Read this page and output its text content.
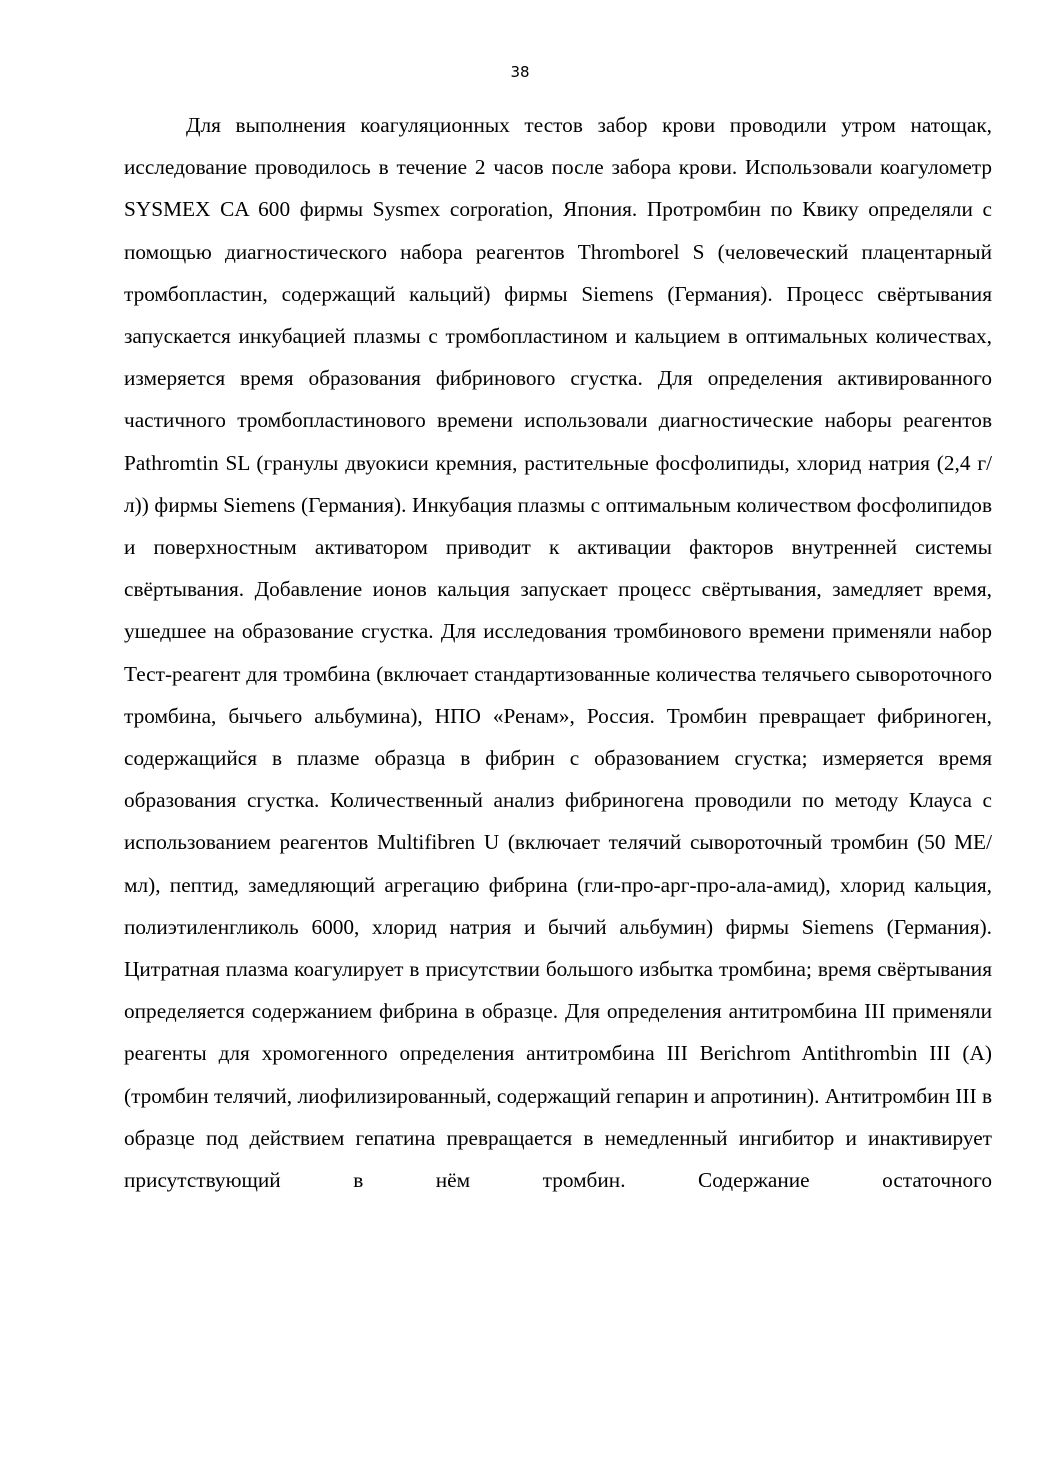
38

Для выполнения коагуляционных тестов забор крови проводили утром натощак, исследование проводилось в течение 2 часов после забора крови. Использовали коагулометр SYSMEX CA 600 фирмы Sysmex corporation, Япония. Протромбин по Квику определяли с помощью диагностического набора реагентов Thromborel S (человеческий плацентарный тромбопластин, содержащий кальций) фирмы Siemens (Германия). Процесс свёртывания запускается инкубацией плазмы с тромбопластином и кальцием в оптимальных количествах, измеряется время образования фибринового сгустка. Для определения активированного частичного тромбопластинового времени использовали диагностические наборы реагентов Pathromtin SL (гранулы двуокиси кремния, растительные фосфолипиды, хлорид натрия (2,4 г/л)) фирмы Siemens (Германия). Инкубация плазмы с оптимальным количеством фосфолипидов и поверхностным активатором приводит к активации факторов внутренней системы свёртывания. Добавление ионов кальция запускает процесс свёртывания, замедляет время, ушедшее на образование сгустка. Для исследования тромбинового времени применяли набор Тест-реагент для тромбина (включает стандартизованные количества телячьего сывороточного тромбина, бычьего альбумина), НПО «Ренам», Россия. Тромбин превращает фибриноген, содержащийся в плазме образца в фибрин с образованием сгустка; измеряется время образования сгустка. Количественный анализ фибриногена проводили по методу Клауса с использованием реагентов Multifibren U (включает телячий сывороточный тромбин (50 МЕ/мл), пептид, замедляющий агрегацию фибрина (гли-про-арг-про-ала-амид), хлорид кальция, полиэтиленгликоль 6000, хлорид натрия и бычий альбумин) фирмы Siemens (Германия). Цитратная плазма коагулирует в присутствии большого избытка тромбина; время свёртывания определяется содержанием фибрина в образце. Для определения антитромбина III применяли реагенты для хромогенного определения антитромбина III Berichrom Antithrombin III (A) (тромбин телячий, лиофилизированный, содержащий гепарин и апротинин). Антитромбин III в образце под действием гепатина превращается в немедленный ингибитор и инактивирует присутствующий в нём тромбин. Содержание остаточного
